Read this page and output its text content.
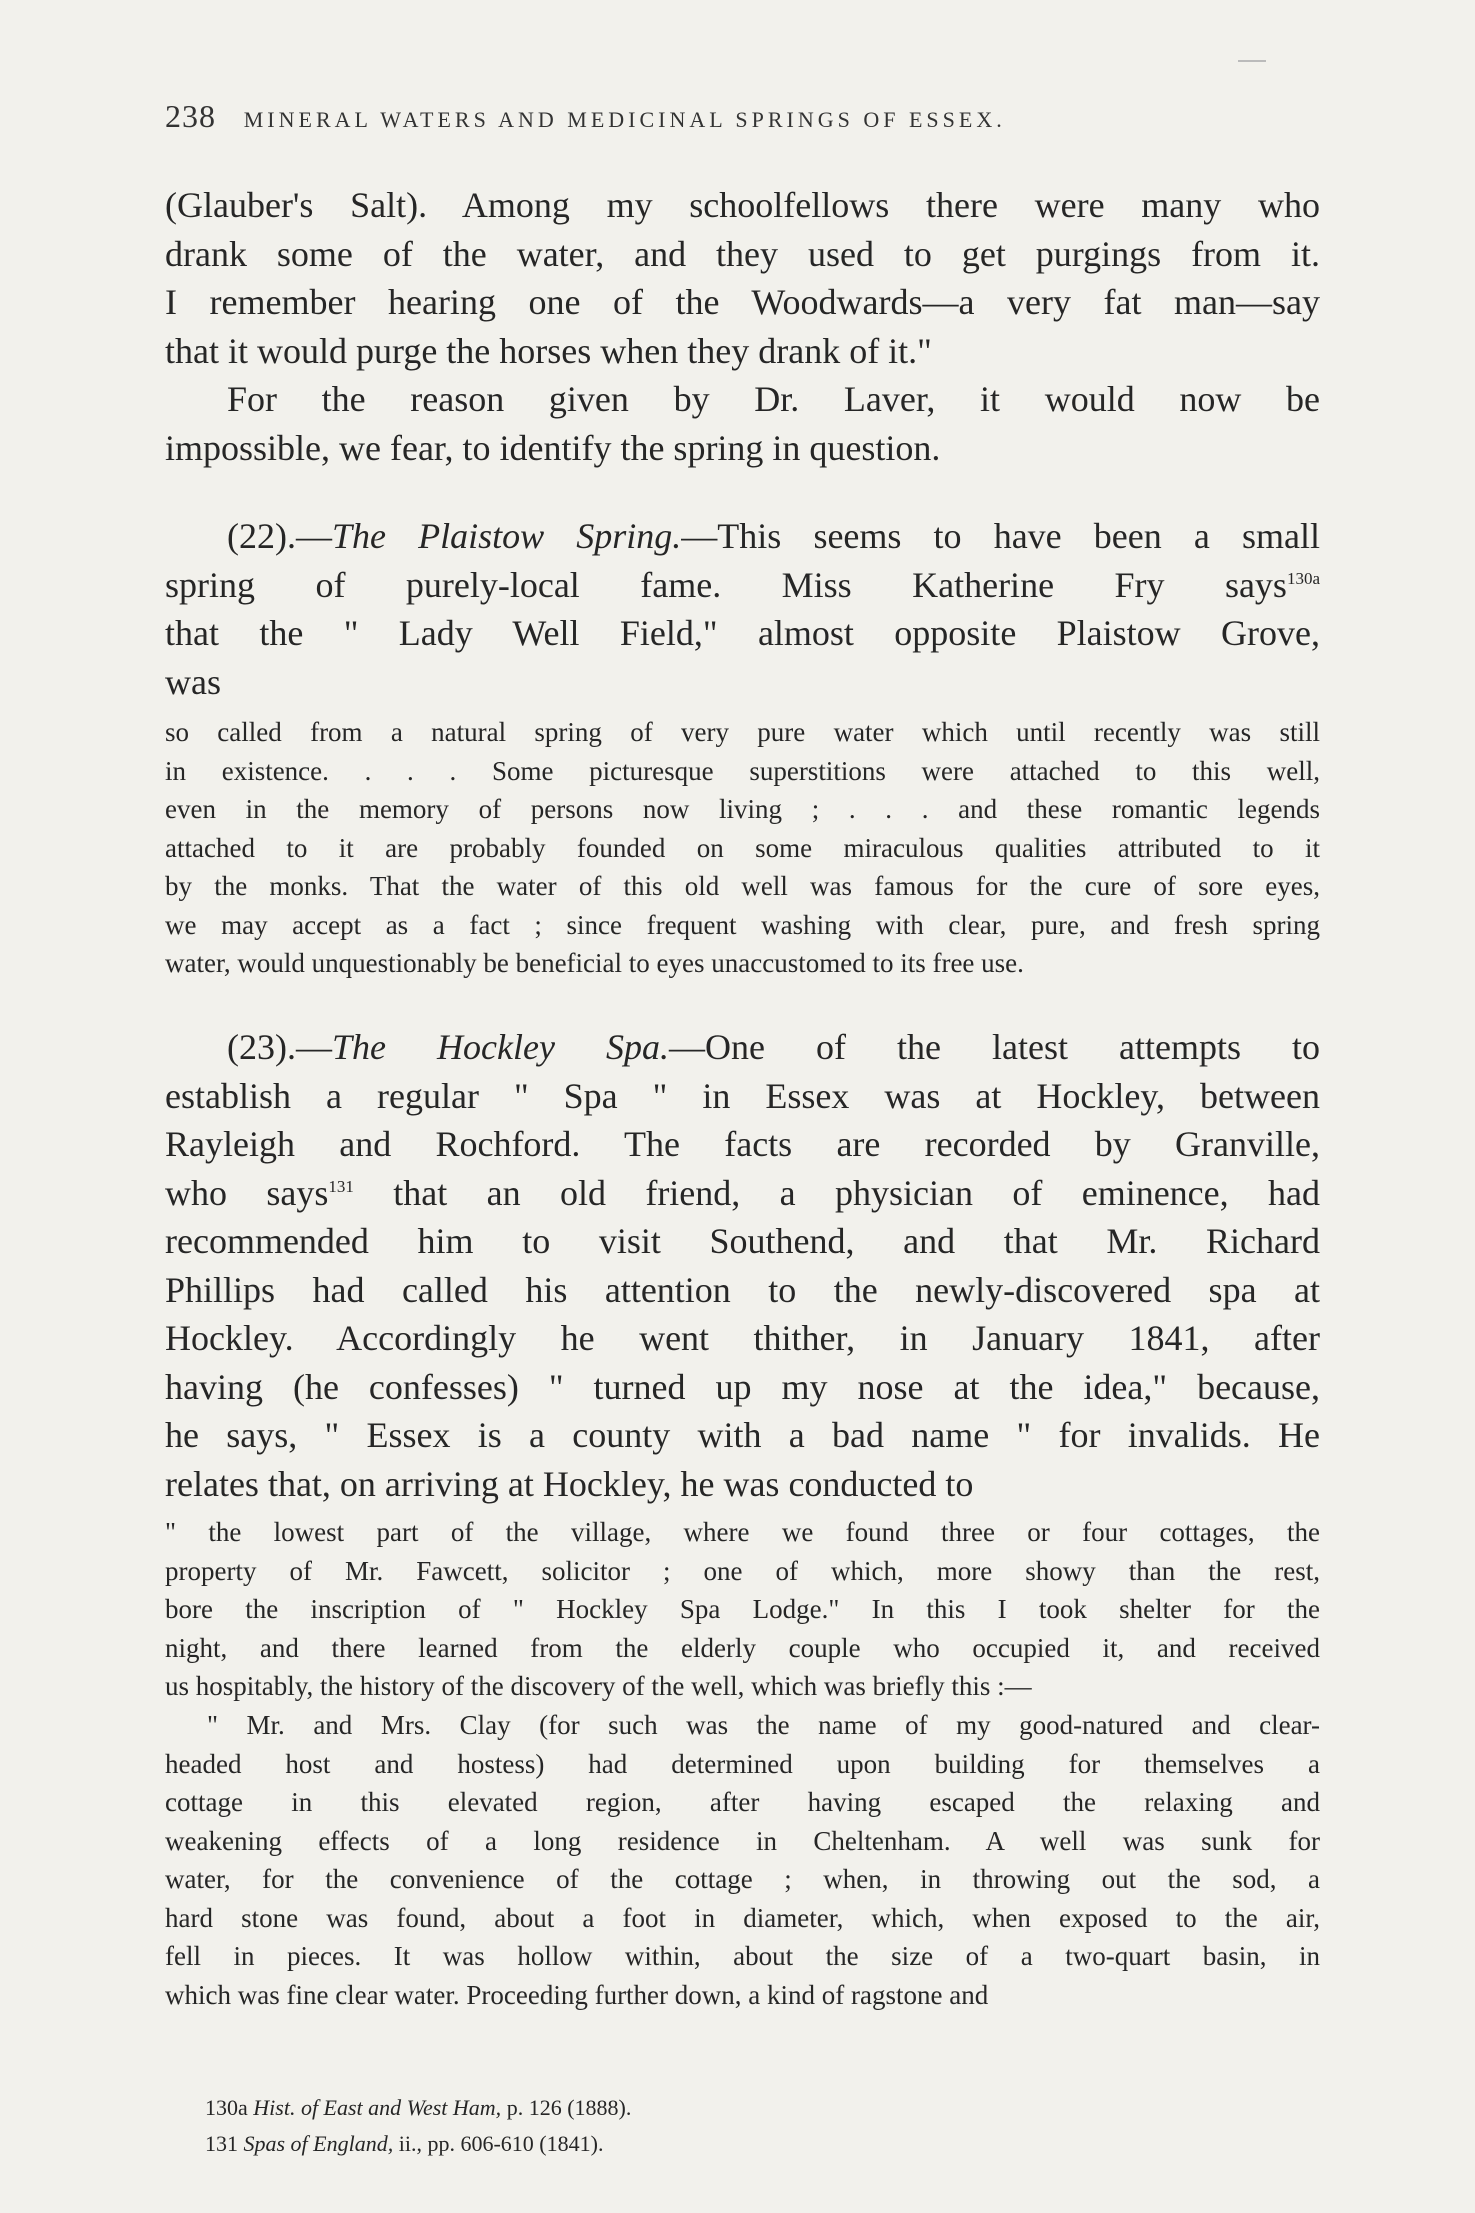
238 MINERAL WATERS AND MEDICINAL SPRINGS OF ESSEX.
(Glauber's Salt). Among my schoolfellows there were many who
drank some of the water, and they used to get purgings from it.
I remember hearing one of the Woodwards—a very fat man—say
that it would purge the horses when they drank of it."
For the reason given by Dr. Laver, it would now be
impossible, we fear, to identify the spring in question.
(22).—The Plaistow Spring.—This seems to have been a small
spring of purely-local fame. Miss Katherine Fry says$^{130a}$
that the " Lady Well Field," almost opposite Plaistow Grove,
was
so called from a natural spring of very pure water which until recently was still
in existence. . . . Some picturesque superstitions were attached to this well,
even in the memory of persons now living ; . . . and these romantic legends
attached to it are probably founded on some miraculous qualities attributed to it
by the monks. That the water of this old well was famous for the cure of sore eyes,
we may accept as a fact ; since frequent washing with clear, pure, and fresh spring
water, would unquestionably be beneficial to eyes unaccustomed to its free use.
(23).—The Hockley Spa.—One of the latest attempts to
establish a regular " Spa " in Essex was at Hockley, between
Rayleigh and Rochford. The facts are recorded by Granville,
who says$^{131}$ that an old friend, a physician of eminence, had
recommended him to visit Southend, and that Mr. Richard
Phillips had called his attention to the newly-discovered spa at
Hockley. Accordingly he went thither, in January 1841, after
having (he confesses) " turned up my nose at the idea," because,
he says, " Essex is a county with a bad name " for invalids. He
relates that, on arriving at Hockley, he was conducted to
" the lowest part of the village, where we found three or four cottages, the
property of Mr. Fawcett, solicitor ; one of which, more showy than the rest,
bore the inscription of " Hockley Spa Lodge." In this I took shelter for the
night, and there learned from the elderly couple who occupied it, and received
us hospitably, the history of the discovery of the well, which was briefly this :—
" Mr. and Mrs. Clay (for such was the name of my good-natured and clear-
headed host and hostess) had determined upon building for themselves a
cottage in this elevated region, after having escaped the relaxing and
weakening effects of a long residence in Cheltenham. A well was sunk for
water, for the convenience of the cottage ; when, in throwing out the sod, a
hard stone was found, about a foot in diameter, which, when exposed to the air,
fell in pieces. It was hollow within, about the size of a two-quart basin, in
which was fine clear water. Proceeding further down, a kind of ragstone and
130a Hist. of East and West Ham, p. 126 (1888).
131 Spas of England, ii., pp. 606-610 (1841).
